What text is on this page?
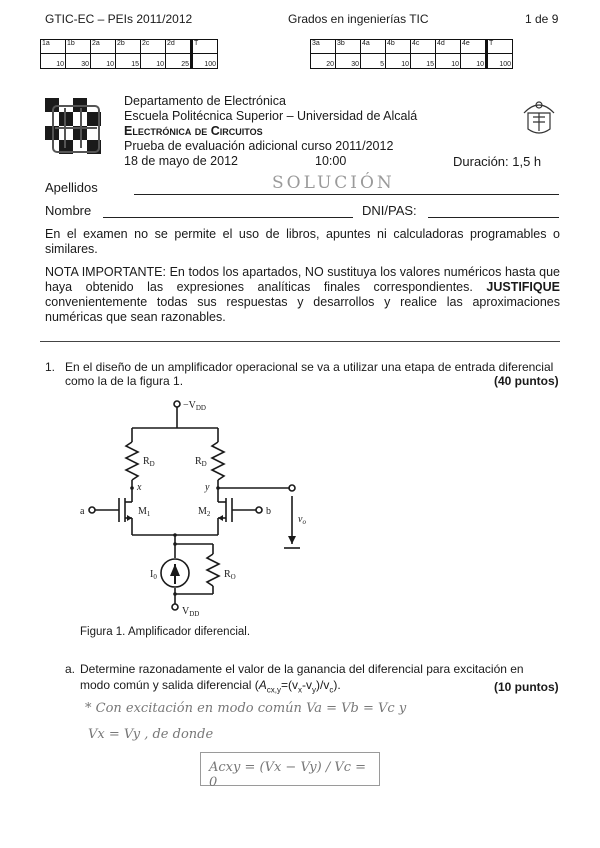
GTIC-EC – PEIs 2011/2012	Grados en ingenierías TIC	1 de 9
1a	1b	2a	2b	2c	2d	T
10	30	10	15	10	25	100
3a	3b	4a	4b	4c	4d	4e	T
20	30	5	10	15	10	10	100
Departamento de Electrónica
Escuela Politécnica Superior – Universidad de Alcalá
Electrónica de Circuitos
Prueba de evaluación adicional curso 2011/2012
18 de mayo de 2012	10:00	Duración: 1,5 h
Apellidos	SOLUCIÓN
Nombre	DNI/PAS:
En el examen no se permite el uso de libros, apuntes ni calculadoras programables o similares.
NOTA IMPORTANTE: En todos los apartados, NO sustituya los valores numéricos hasta que haya obtenido las expresiones analíticas finales correspondientes. JUSTIFIQUE convenientemente todas sus respuestas y desarrollos y realice las aproximaciones numéricas que sean razonables.
1. En el diseño de un amplificador operacional se va a utilizar una etapa de entrada diferencial
como la de la figura 1.	(40 puntos)
$-V_{DD}$
$R_D$	$R_D$
x	y
a	b
$M_1$	$M_2$	$v_o$
$I_0$	$R_O$
$V_{DD}$
Figura 1. Amplificador diferencial.
a. Determine razonadamente el valor de la ganancia del diferencial para excitación en
modo común y salida diferencial $(A_{cx,y}=(v_x-v_y)/v_c)$.	(10 puntos)
* Con excitación en modo común Va = Vb = Vc y
Vx = Vy , de donde
Acxy = (Vx − Vy) / Vc = 0
